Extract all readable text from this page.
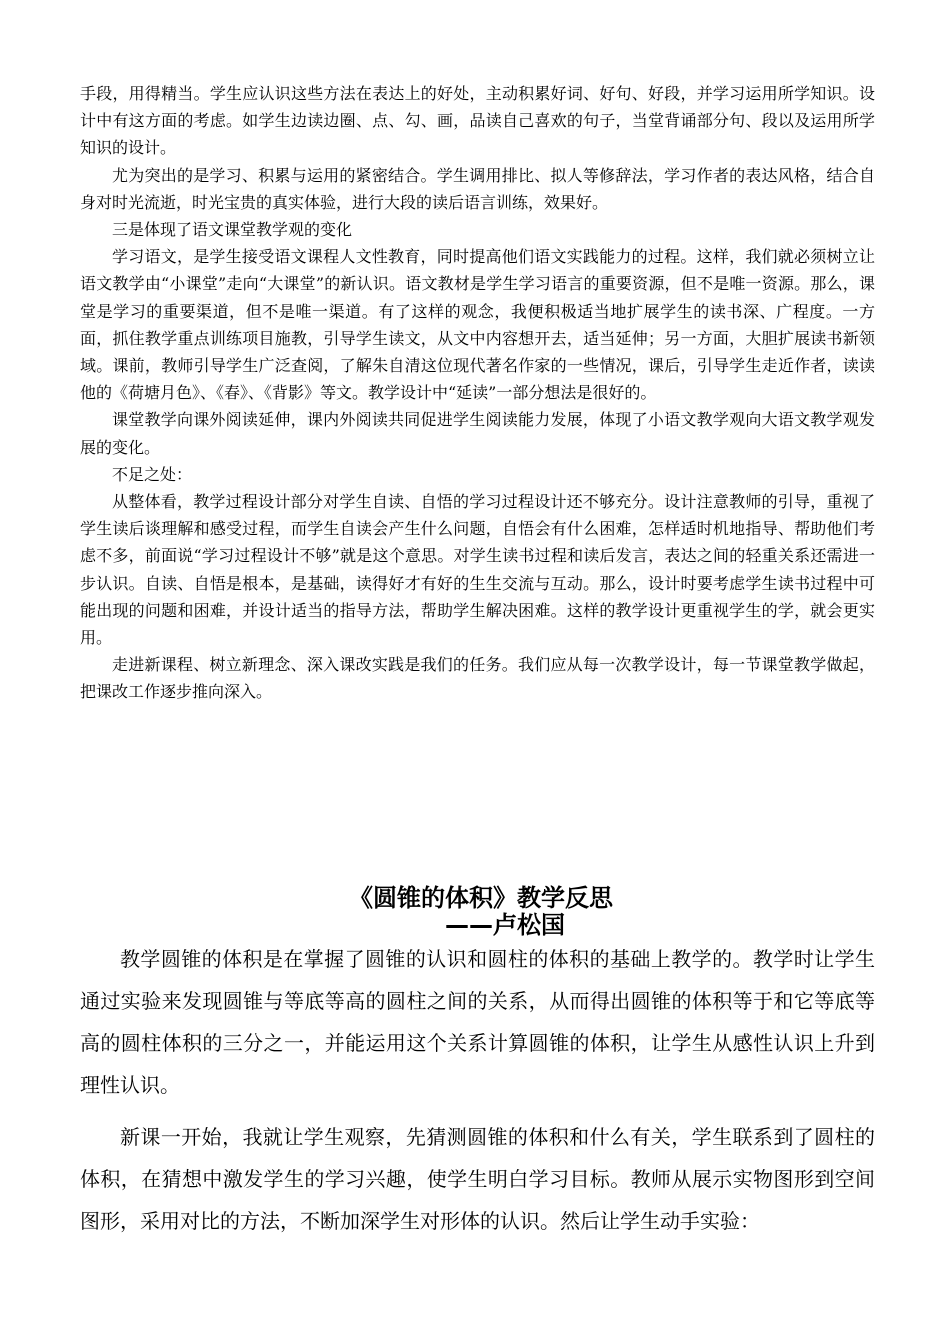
手段，用得精当。学生应认识这些方法在表达上的好处，主动积累好词、好句、好段，并学习运用所学知识。设计中有这方面的考虑。如学生边读边圈、点、勾、画，品读自己喜欢的句子，当堂背诵部分句、段以及运用所学知识的设计。

尤为突出的是学习、积累与运用的紧密结合。学生调用排比、拟人等修辞法，学习作者的表达风格，结合自身对时光流逝，时光宝贵的真实体验，进行大段的读后语言训练，效果好。

三是体现了语文课堂教学观的变化

学习语文，是学生接受语文课程人文性教育，同时提高他们语文实践能力的过程。这样，我们就必须树立让语文教学由“小课堂”走向“大课堂”的新认识。语文教材是学生学习语言的重要资源，但不是唯一资源。那么，课堂是学习的重要渠道，但不是唯一渠道。有了这样的观念，我便积极适当地扩展学生的读书深、广程度。一方面，抓住教学重点训练项目施教，引导学生读文，从文中内容想开去，适当延伸；另一方面，大胆扩展读书新领域。课前，教师引导学生广泛查阅，了解朱自清这位现代著名作家的一些情况，课后，引导学生走近作者，读读他的《荷塘月色》、《春》、《背影》等文。教学设计中“延读”一部分想法是很好的。

课堂教学向课外阅读延伸，课内外阅读共同促进学生阅读能力发展，体现了小语文教学观向大语文教学观发展的变化。

不足之处：

从整体看，教学过程设计部分对学生自读、自悟的学习过程设计还不够充分。设计注意教师的引导，重视了学生读后谈理解和感受过程，而学生自读会产生什么问题，自悟会有什么困难，怎样适时机地指导、帮助他们考虑不多，前面说“学习过程设计不够”就是这个意思。对学生读书过程和读后发言，表达之间的轻重关系还需进一步认识。自读、自悟是根本，是基础，读得好才有好的生生交流与互动。那么，设计时要考虑学生读书过程中可能出现的问题和困难，并设计适当的指导方法，帮助学生解决困难。这样的教学设计更重视学生的学，就会更实用。

走进新课程、树立新理念、深入课改实践是我们的任务。我们应从每一次教学设计，每一节课堂教学做起，把课改工作逐步推向深入。

《圆锥的体积》教学反思
——卢松国

教学圆锥的体积是在掌握了圆锥的认识和圆柱的体积的基础上教学的。教学时让学生通过实验来发现圆锥与等底等高的圆柱之间的关系，从而得出圆锥的体积等于和它等底等高的圆柱体积的三分之一，并能运用这个关系计算圆锥的体积，让学生从感性认识上升到理性认识。

新课一开始，我就让学生观察，先猜测圆锥的体积和什么有关，学生联系到了圆柱的体积，在猜想中激发学生的学习兴趣，使学生明白学习目标。教师从展示实物图形到空间图形，采用对比的方法，不断加深学生对形体的认识。然后让学生动手实验：
